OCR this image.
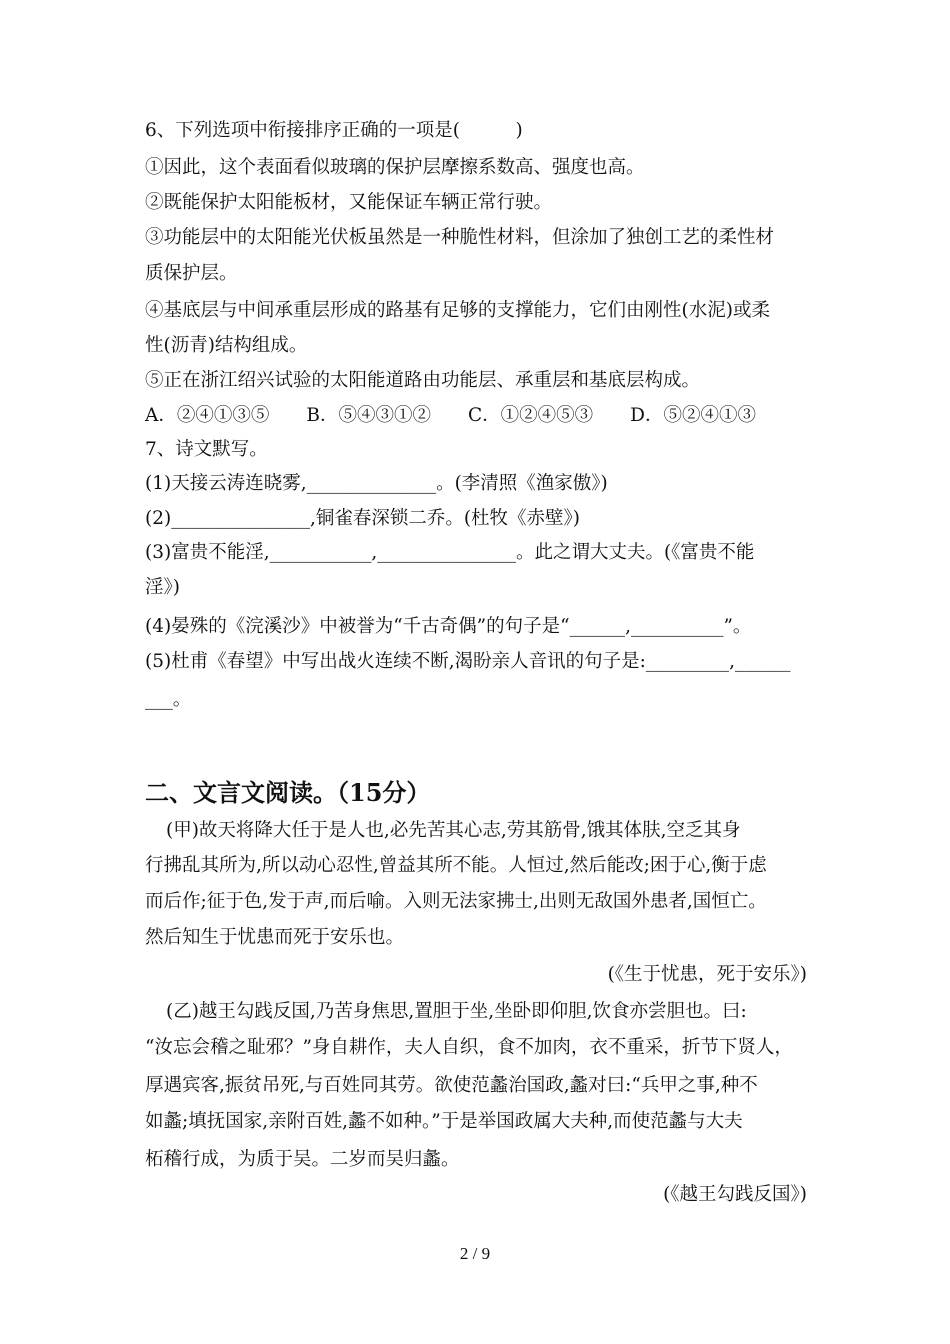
6、下列选项中衔接排序正确的一项是(　　　)
①因此，这个表面看似玻璃的保护层摩擦系数高、强度也高。
②既能保护太阳能板材，又能保证车辆正常行驶。
③功能层中的太阳能光伏板虽然是一种脆性材料，但涂加了独创工艺的柔性材
质保护层。
④基底层与中间承重层形成的路基有足够的支撑能力，它们由刚性(水泥)或柔
性(沥青)结构组成。
⑤正在浙江绍兴试验的太阳能道路由功能层、承重层和基底层构成。
A．②④①③⑤　　B．⑤④③①②　　C．①②④⑤③　　D．⑤②④①③
7、诗文默写。
(1)天接云涛连晓雾,______________。(李清照《渔家傲》)
(2)_______________,铜雀春深锁二乔。(杜牧《赤壁》)
(3)富贵不能淫,___________,_______________。此之谓大丈夫。(《富贵不能
淫》)
(4)晏殊的《浣溪沙》中被誉为“千古奇偶”的句子是“______,__________”。
(5)杜甫《春望》中写出战火连续不断,渴盼亲人音讯的句子是:_________,______
___。
二、文言文阅读。（15分）
(甲)故天将降大任于是人也,必先苦其心志,劳其筋骨,饿其体肤,空乏其身
行拂乱其所为,所以动心忍性,曾益其所不能。人恒过,然后能改;困于心,衡于虑
而后作;征于色,发于声,而后喻。入则无法家拂士,出则无敌国外患者,国恒亡。
然后知生于忧患而死于安乐也。
(《生于忧患，死于安乐》)
(乙)越王勾践反国,乃苦身焦思,置胆于坐,坐卧即仰胆,饮食亦尝胆也。曰:
“汝忘会稽之耻邪？”身自耕作，夫人自织，食不加肉，衣不重采，折节下贤人，
厚遇宾客,振贫吊死,与百姓同其劳。欲使范蠡治国政,蠡对曰:“兵甲之事,种不
如蠡;填抚国家,亲附百姓,蠡不如种。”于是举国政属大夫种,而使范蠡与大夫
柘稽行成，为质于吴。二岁而吴归蠡。
(《越王勾践反国》)
2 / 9
